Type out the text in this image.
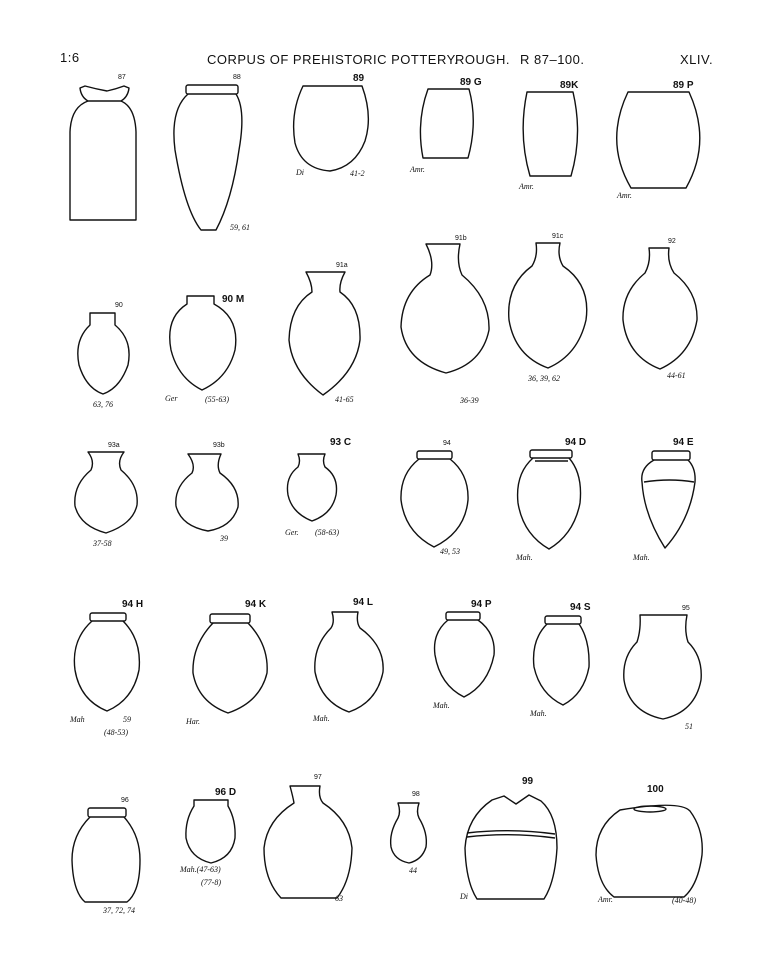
1:6	CORPUS OF PREHISTORIC POTTERY.
ROUGH. R 87–100.	XLIV.
87	88
59, 61
89
Di	41-2
89 G
Amr.
89K
Amr.
89 P
Amr.
90
63, 76
90 M
Ger	(55-63)
91a
41-65
91b
36-39
91c
36, 39, 62
92
44-61
93a
37-58
93b
39
93 C
Ger. (58-63)
94
49, 53
94 D
Mah.
94 E
Mah.
94 H
Mah	59
(48-53)
94 K
Har.
94 L
Mah.
94 P
Mah.
94 S
Mah.
95
51
96
37, 72, 74
96 D
Mah.(47-63)
(77-8)
97
63
98
44
99
Di
100
Amr.	(40-48)
